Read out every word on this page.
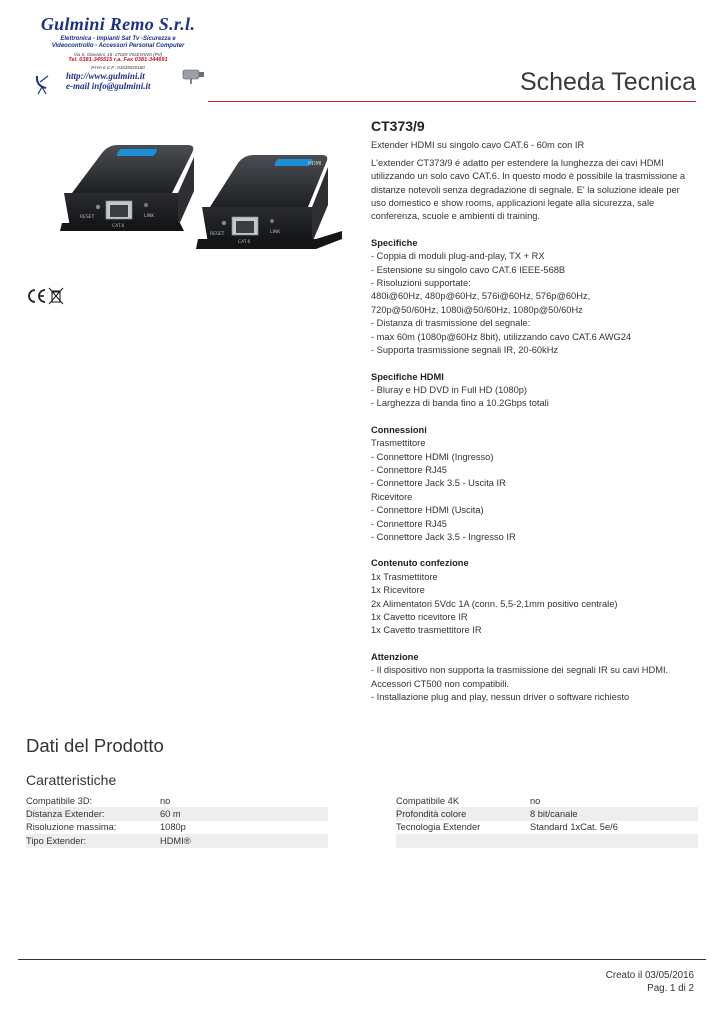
Gulmini Remo S.r.l.
Elettronica - Impianti Sat Tv -Sicurezza e
Videocontrollo - Accessori Personal Computer
Via S. Giovanni, 18 -27029 VIGEVANO (PV)
Tel. 0381-345515 r.a. Fax 0381-344691
P.IVA e C.F.: 01635520180
http://www.gulmini.it
e-mail info@gulmini.it	Scheda Tecnica
RESET
CAT.6
LINK
HDMI
RESET
CAT.6
LINK
CT373/9
Extender HDMI su singolo cavo CAT.6 - 60m con IR
L'extender CT373/9 é adatto per estendere la lunghezza dei cavi HDMI
utilizzando un solo cavo CAT.6. In questo modo è possibile la trasmissione a
distanze notevoli senza degradazione di segnale. E' la soluzione ideale per
uso domestico e show rooms, applicazioni legate alla sicurezza, sale
conferenza, scuole e ambienti di training.
Specifiche
- Coppia di moduli plug-and-play, TX + RX
- Estensione su singolo cavo CAT.6 IEEE-568B
- Risoluzioni supportate:
480i@60Hz, 480p@60Hz, 576i@60Hz, 576p@60Hz,
720p@50/60Hz, 1080i@50/60Hz, 1080p@50/60Hz
- Distanza di trasmissione del segnale:
- max 60m (1080p@60Hz 8bit), utilizzando cavo CAT.6 AWG24
- Supporta trasmissione segnali IR, 20-60kHz
Specifiche HDMI
- Bluray e HD DVD in Full HD (1080p)
- Larghezza di banda fino a 10.2Gbps totali
Connessioni
Trasmettitore
- Connettore HDMI (Ingresso)
- Connettore RJ45
- Connettore Jack 3.5 - Uscita IR
Ricevitore
- Connettore HDMI (Uscita)
- Connettore RJ45
- Connettore Jack 3.5 - Ingresso IR
Contenuto confezione
1x Trasmettitore
1x Ricevitore
2x Alimentatori 5Vdc 1A (conn. 5,5-2,1mm positivo centrale)
1x Cavetto ricevitore IR
1x Cavetto trasmettitore IR
Attenzione
- Il dispositivo non supporta la trasmissione dei segnali IR su cavi HDMI.
Accessori CT500 non compatibili.
- Installazione plug and play, nessun driver o software richiesto
Dati del Prodotto
Caratteristiche
Compatibile 3D:	no
Distanza Extender:	60 m
Risoluzione massima:	1080p
Tipo Extender:	HDMI®
Compatibile 4K	no
Profondità colore	8 bit/canale
Tecnologia Extender	Standard 1xCat. 5e/6

Creato il 03/05/2016
Pag. 1 di 2
